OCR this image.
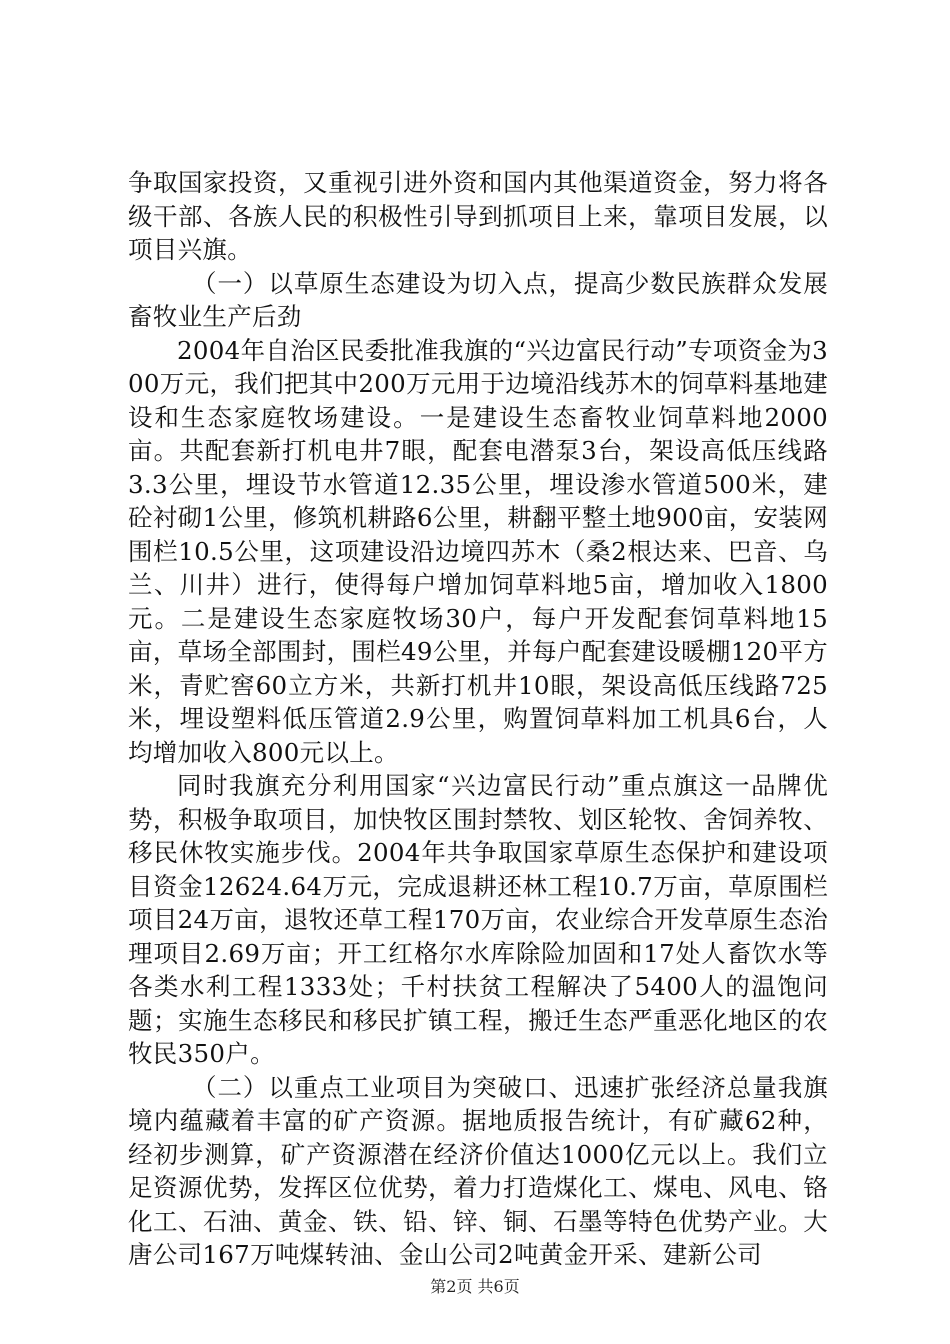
争取国家投资，又重视引进外资和国内其他渠道资金，努力将各级干部、各族人民的积极性引导到抓项目上来，靠项目发展，以项目兴旗。

（一）以草原生态建设为切入点，提高少数民族群众发展畜牧业生产后劲

2004年自治区民委批准我旗的“兴边富民行动”专项资金为300万元，我们把其中200万元用于边境沿线苏木的饲草料基地建设和生态家庭牧场建设。一是建设生态畜牧业饲草料地2000亩。共配套新打机电井7眼，配套电潜泵3台，架设高低压线路3.3公里，埋设节水管道12.35公里，埋设渗水管道500米，建砼衬砌1公里，修筑机耕路6公里，耕翻平整土地900亩，安装网围栏10.5公里，这项建设沿边境四苏木（桑2根达来、巴音、乌兰、川井）进行，使得每户增加饲草料地5亩，增加收入1800元。二是建设生态家庭牧场30户，每户开发配套饲草料地15亩，草场全部围封，围栏49公里，并每户配套建设暖棚120平方米，青贮窖60立方米，共新打机井10眼，架设高低压线路725米，埋设塑料低压管道2.9公里，购置饲草料加工机具6台，人均增加收入800元以上。

同时我旗充分利用国家“兴边富民行动”重点旗这一品牌优势，积极争取项目，加快牧区围封禁牧、划区轮牧、舍饲养牧、移民休牧实施步伐。2004年共争取国家草原生态保护和建设项目资金12624.64万元，完成退耕还林工程10.7万亩，草原围栏项目24万亩，退牧还草工程170万亩，农业综合开发草原生态治理项目2.69万亩；开工红格尔水库除险加固和17处人畜饮水等各类水利工程1333处；千村扶贫工程解决了5400人的温饱问题；实施生态移民和移民扩镇工程，搬迁生态严重恶化地区的农牧民350户。

（二）以重点工业项目为突破口、迅速扩张经济总量我旗境内蕴藏着丰富的矿产资源。据地质报告统计，有矿藏62种，经初步测算，矿产资源潜在经济价值达1000亿元以上。我们立足资源优势，发挥区位优势，着力打造煤化工、煤电、风电、铬化工、石油、黄金、铁、铅、锌、铜、石墨等特色优势产业。大唐公司167万吨煤转油、金山公司2吨黄金开采、建新公司

第2页 共6页
